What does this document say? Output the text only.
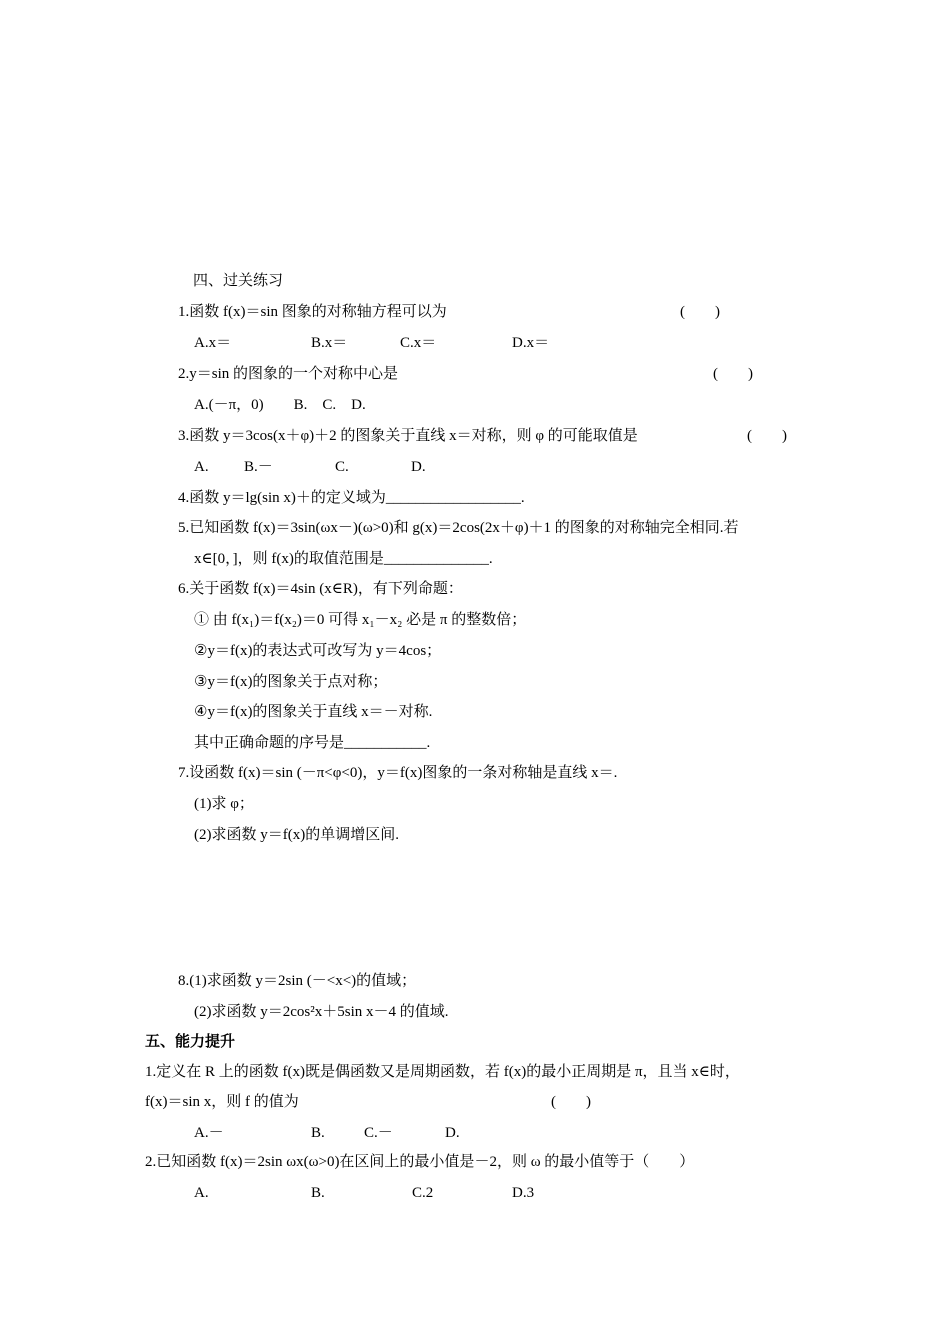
四、过关练习
1.函数 f(x)＝sin 图象的对称轴方程可以为	(　　)
A.x＝	B.x＝	C.x＝	D.x＝
2.y＝sin 的图象的一个对称中心是	(　　)
A.(－π，0)　　B.　C.　D.
3.函数 y＝3cos(x＋φ)＋2 的图象关于直线 x＝对称，则 φ 的可能取值是	(　　)
A. B.－	C.	D.
4.函数 y＝lg(sin x)＋的定义域为__________________.
5.已知函数 f(x)＝3sin(ωx－)(ω>0)和 g(x)＝2cos(2x＋φ)＋1 的图象的对称轴完全相同.若
x∈[0，]，则 f(x)的取值范围是______________.
6.关于函数 f(x)＝4sin (x∈R)，有下列命题：
① 由 f(x₁)＝f(x₂)＝0 可得 x₁－x₂ 必是 π 的整数倍；
②y＝f(x)的表达式可改写为 y＝4cos；
③y＝f(x)的图象关于点对称；
④y＝f(x)的图象关于直线 x＝－对称.
其中正确命题的序号是___________.
7.设函数 f(x)＝sin (－π<φ<0)，y＝f(x)图象的一条对称轴是直线 x＝.
(1)求 φ；
(2)求函数 y＝f(x)的单调增区间.
8.(1)求函数 y＝2sin (－<x<)的值域；
(2)求函数 y＝2cos²x＋5sin x－4 的值域.
五、能力提升
1.定义在 R 上的函数 f(x)既是偶函数又是周期函数，若 f(x)的最小正周期是 π，且当 x∈时，
f(x)＝sin x，则 f 的值为	(　　)
A.－	B.	C.－	D.
2.已知函数 f(x)＝2sin ωx(ω>0)在区间上的最小值是－2，则 ω 的最小值等于（　　）
A.	B.	C.2	D.3
